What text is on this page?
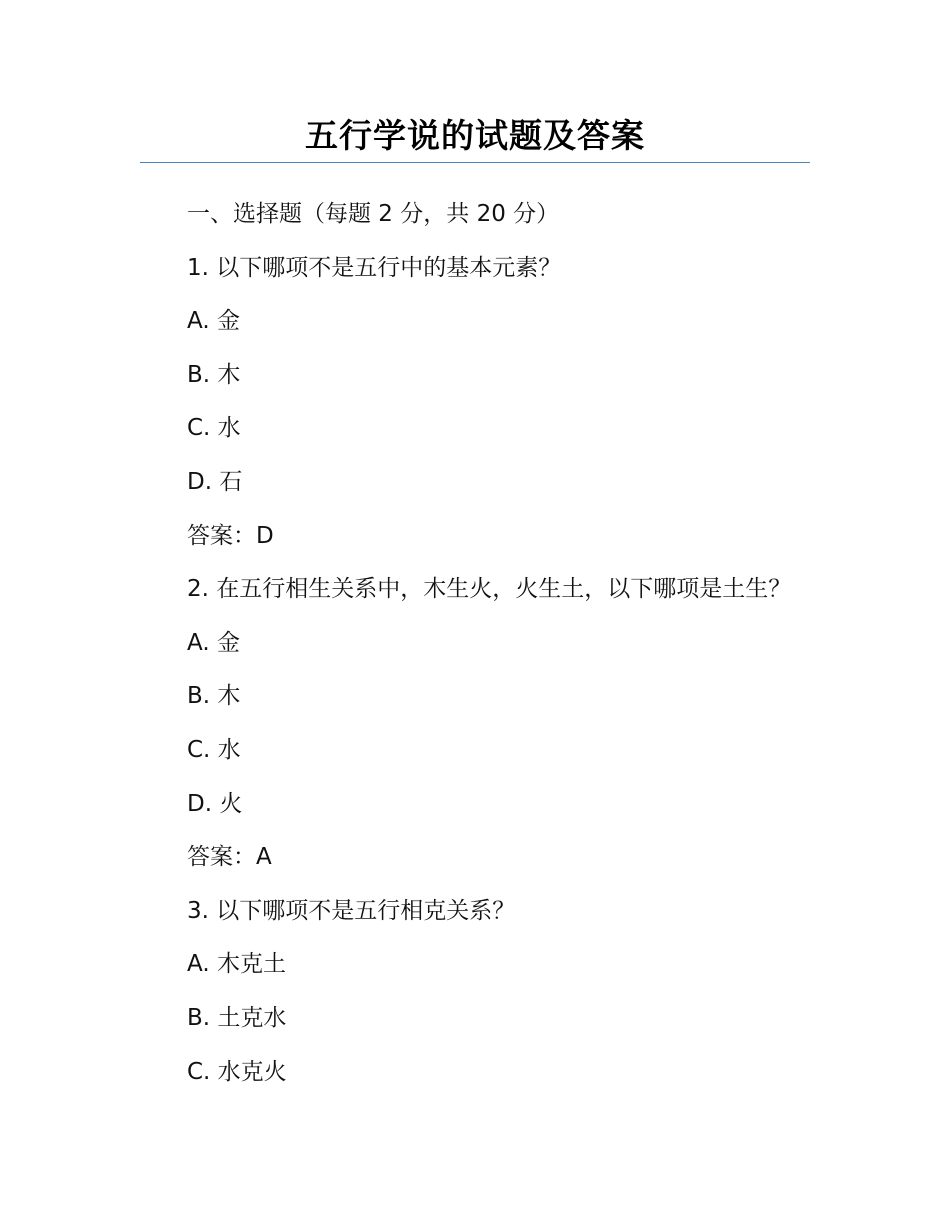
五行学说的试题及答案
一、选择题（每题 2 分，共 20 分）
1. 以下哪项不是五行中的基本元素？
A. 金
B. 木
C. 水
D. 石
答案：D
2. 在五行相生关系中，木生火，火生土，以下哪项是土生？
A. 金
B. 木
C. 水
D. 火
答案：A
3. 以下哪项不是五行相克关系？
A. 木克土
B. 土克水
C. 水克火
